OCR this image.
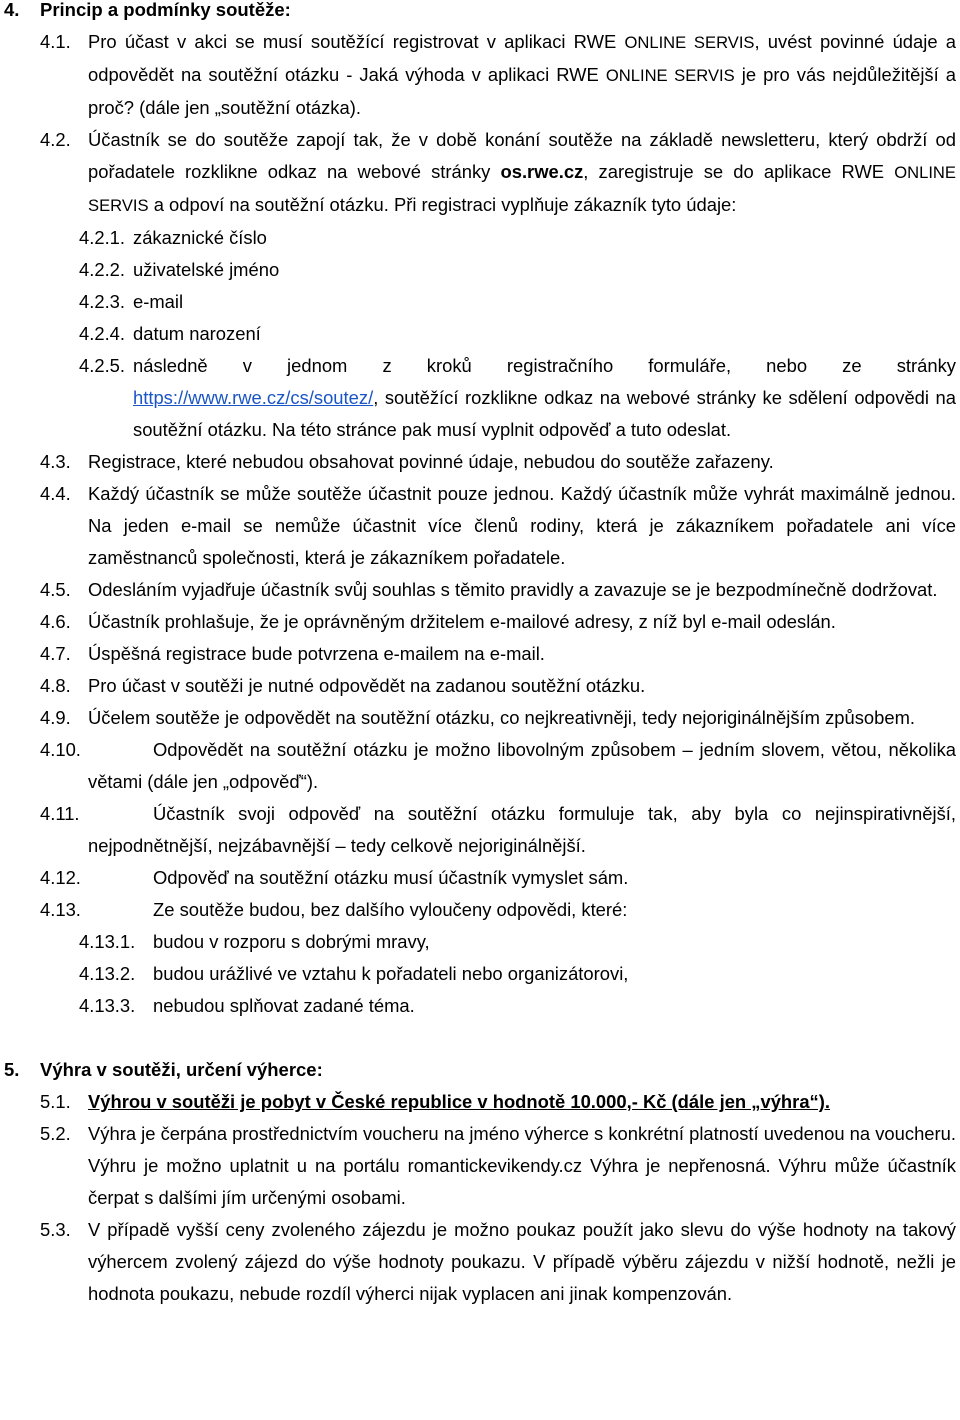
4. Princip a podmínky soutěže:
4.1. Pro účast v akci se musí soutěžící registrovat v aplikaci RWE ONLINE SERVIS, uvést povinné údaje a odpovědět na soutěžní otázku - Jaká výhoda v aplikaci RWE ONLINE SERVIS je pro vás nejdůležitější a proč? (dále jen „soutěžní otázka).
4.2. Účastník se do soutěže zapojí tak, že v době konání soutěže na základě newsletteru, který obdrží od pořadatele rozklikne odkaz na webové stránky os.rwe.cz, zaregistruje se do aplikace RWE ONLINE SERVIS a odpoví na soutěžní otázku. Při registraci vyplňuje zákazník tyto údaje:
4.2.1. zákaznické číslo
4.2.2. uživatelské jméno
4.2.3. e-mail
4.2.4. datum narození
4.2.5. následně v jednom z kroků registračního formuláře, nebo ze stránky
https://www.rwe.cz/cs/soutez/, soutěžící rozklikne odkaz na webové stránky ke sdělení odpovědi na soutěžní otázku. Na této stránce pak musí vyplnit odpověď a tuto odeslat.
4.3. Registrace, které nebudou obsahovat povinné údaje, nebudou do soutěže zařazeny.
4.4. Každý účastník se může soutěže účastnit pouze jednou. Každý účastník může vyhrát maximálně jednou. Na jeden e-mail se nemůže účastnit více členů rodiny, která je zákazníkem pořadatele ani více zaměstnanců společnosti, která je zákazníkem pořadatele.
4.5. Odesláním vyjadřuje účastník svůj souhlas s těmito pravidly a zavazuje se je bezpodmínečně dodržovat.
4.6. Účastník prohlašuje, že je oprávněným držitelem e-mailové adresy, z níž byl e-mail odeslán.
4.7. Úspěšná registrace bude potvrzena e-mailem na e-mail.
4.8. Pro účast v soutěži je nutné odpovědět na zadanou soutěžní otázku.
4.9. Účelem soutěže je odpovědět na soutěžní otázku, co nejkreativněji, tedy nejoriginálnějším způsobem.
4.10.	Odpovědět na soutěžní otázku je možno libovolným způsobem – jedním slovem, větou, několika větami (dále jen „odpověď“).
4.11.	Účastník svoji odpověď na soutěžní otázku formuluje tak, aby byla co nejinspirativnější, nejpodnětnější, nejzábavnější – tedy celkově nejoriginálnější.
4.12.	Odpověď na soutěžní otázku musí účastník vymyslet sám.
4.13.	Ze soutěže budou, bez dalšího vyloučeny odpovědi, které:
4.13.1. budou v rozporu s dobrými mravy,
4.13.2. budou urážlivé ve vztahu k pořadateli nebo organizátorovi,
4.13.3. nebudou splňovat zadané téma.
5. Výhra v soutěži, určení výherce:
5.1. Výhrou v soutěži je pobyt v České republice v hodnotě 10.000,- Kč (dále jen „výhra“).
5.2. Výhra je čerpána prostřednictvím voucheru na jméno výherce s konkrétní platností uvedenou na voucheru. Výhru je možno uplatnit u na portálu romantickevikendy.cz Výhra je nepřenosná. Výhru může účastník čerpat s dalšími jím určenými osobami.
5.3. V případě vyšší ceny zvoleného zájezdu je možno poukaz použít jako slevu do výše hodnoty na takový výhercem zvolený zájezd do výše hodnoty poukazu. V případě výběru zájezdu v nižší hodnotě, nežli je hodnota poukazu, nebude rozdíl výherci nijak vyplacen ani jinak kompenzován.
